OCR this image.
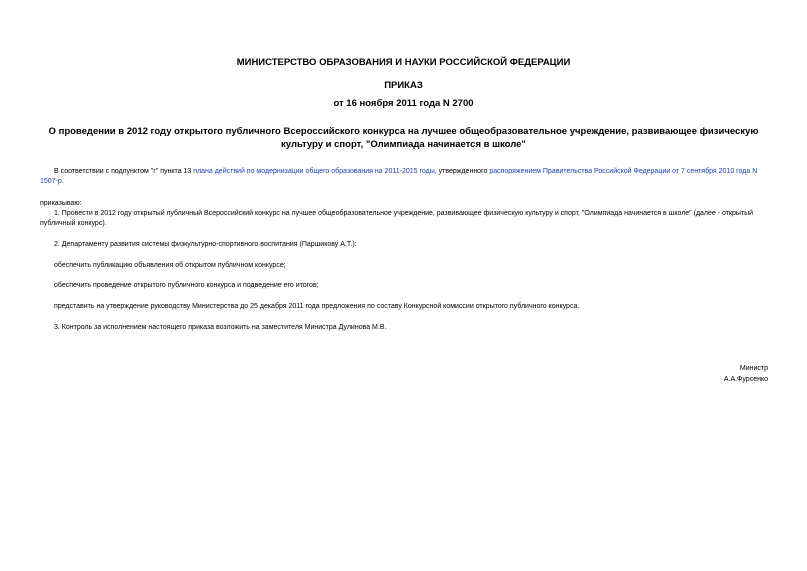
МИНИСТЕРСТВО ОБРАЗОВАНИЯ И НАУКИ РОССИЙСКОЙ ФЕДЕРАЦИИ
ПРИКАЗ
от 16 ноября 2011 года N 2700
О проведении в 2012 году открытого публичного Всероссийского конкурса на лучшее общеобразовательное учреждение, развивающее физическую культуру и спорт, "Олимпиада начинается в школе"
В соответствии с подпунктом "г" пункта 13 плана действий по модернизации общего образования на 2011-2015 годы, утвержденного распоряжением Правительства Российской Федерации от 7 сентября 2010 года N 1507-р.
приказываю:
1. Провести в 2012 году открытый публичный Всероссийский конкурс на лучшее общеобразовательное учреждение, развивающее физическую культуру и спорт, "Олимпиада начинается в школе" (далее - открытый публичный конкурс).
2. Департаменту развития системы физкультурно-спортивного воспитания (Паршикову А.Т.):
обеспечить публикацию объявления об открытом публичном конкурсе;
обеспечить проведение открытого публичного конкурса и подведение его итогов;
представить на утверждение руководству Министерства до 25 декабря 2011 года предложения по составу Конкурсной комиссии открытого публичного конкурса.
3. Контроль за исполнением настоящего приказа возложить на заместителя Министра Дулинова М.В.
Министр
А.А.Фурсенко
